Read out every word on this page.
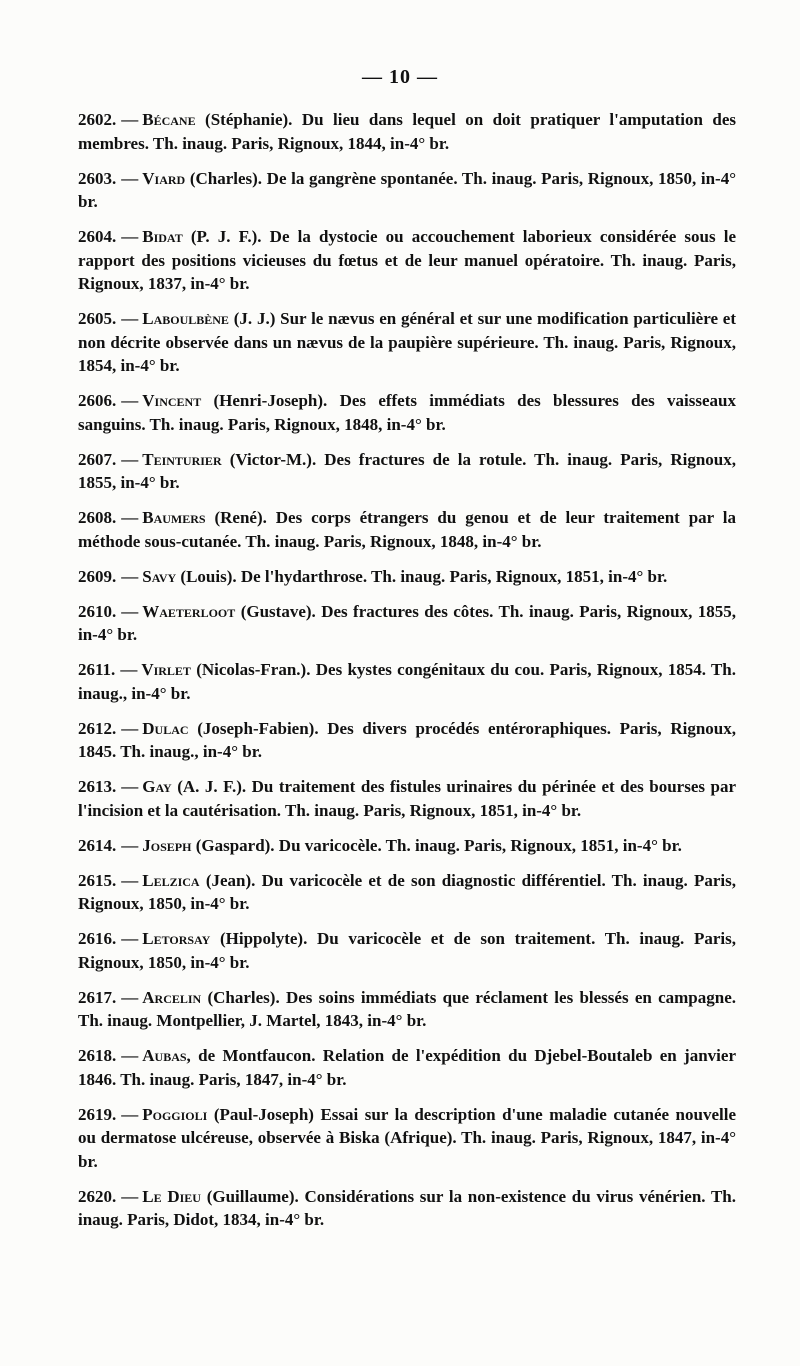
— 10 —

2602. — Bécane (Stéphanie). Du lieu dans lequel on doit pratiquer l'amputation des membres. Th. inaug. Paris, Rignoux, 1844, in-4° br.

2603. — Viard (Charles). De la gangrène spontanée. Th. inaug. Paris, Rignoux, 1850, in-4° br.

2604. — Bidat (P. J. F.). De la dystocie ou accouchement laborieux considérée sous le rapport des positions vicieuses du fœtus et de leur manuel opératoire. Th. inaug. Paris, Rignoux, 1837, in-4° br.

2605. — Laboulbène (J. J.) Sur le nævus en général et sur une modification particulière et non décrite observée dans un nævus de la paupière supérieure. Th. inaug. Paris, Rignoux, 1854, in-4° br.

2606. — Vincent (Henri-Joseph). Des effets immédiats des blessures des vaisseaux sanguins. Th. inaug. Paris, Rignoux, 1848, in-4° br.

2607. — Teinturier (Victor-M.). Des fractures de la rotule. Th. inaug. Paris, Rignoux, 1855, in-4° br.

2608. — Baumers (René). Des corps étrangers du genou et de leur traitement par la méthode sous-cutanée. Th. inaug. Paris, Rignoux, 1848, in-4° br.

2609. — Savy (Louis). De l'hydarthrose. Th. inaug. Paris, Rignoux, 1851, in-4° br.

2610. — Waeterloot (Gustave). Des fractures des côtes. Th. inaug. Paris, Rignoux, 1855, in-4° br.

2611. — Virlet (Nicolas-Fran.). Des kystes congénitaux du cou. Paris, Rignoux, 1854. Th. inaug., in-4° br.

2612. — Dulac (Joseph-Fabien). Des divers procédés entéroraphiques. Paris, Rignoux, 1845. Th. inaug., in-4° br.

2613. — Gay (A. J. F.). Du traitement des fistules urinaires du périnée et des bourses par l'incision et la cautérisation. Th. inaug. Paris, Rignoux, 1851, in-4° br.

2614. — Joseph (Gaspard). Du varicocèle. Th. inaug. Paris, Rignoux, 1851, in-4° br.

2615. — Lelzica (Jean). Du varicocèle et de son diagnostic différentiel. Th. inaug. Paris, Rignoux, 1850, in-4° br.

2616. — Letorsay (Hippolyte). Du varicocèle et de son traitement. Th. inaug. Paris, Rignoux, 1850, in-4° br.

2617. — Arcelin (Charles). Des soins immédiats que réclament les blessés en campagne. Th. inaug. Montpellier, J. Martel, 1843, in-4° br.

2618. — Aubas, de Montfaucon. Relation de l'expédition du Djebel-Boutaleb en janvier 1846. Th. inaug. Paris, 1847, in-4° br.

2619. — Poggioli (Paul-Joseph) Essai sur la description d'une maladie cutanée nouvelle ou dermatose ulcéreuse, observée à Biska (Afrique). Th. inaug. Paris, Rignoux, 1847, in-4° br.

2620. — Le Dieu (Guillaume). Considérations sur la non-existence du virus vénérien. Th. inaug. Paris, Didot, 1834, in-4° br.
